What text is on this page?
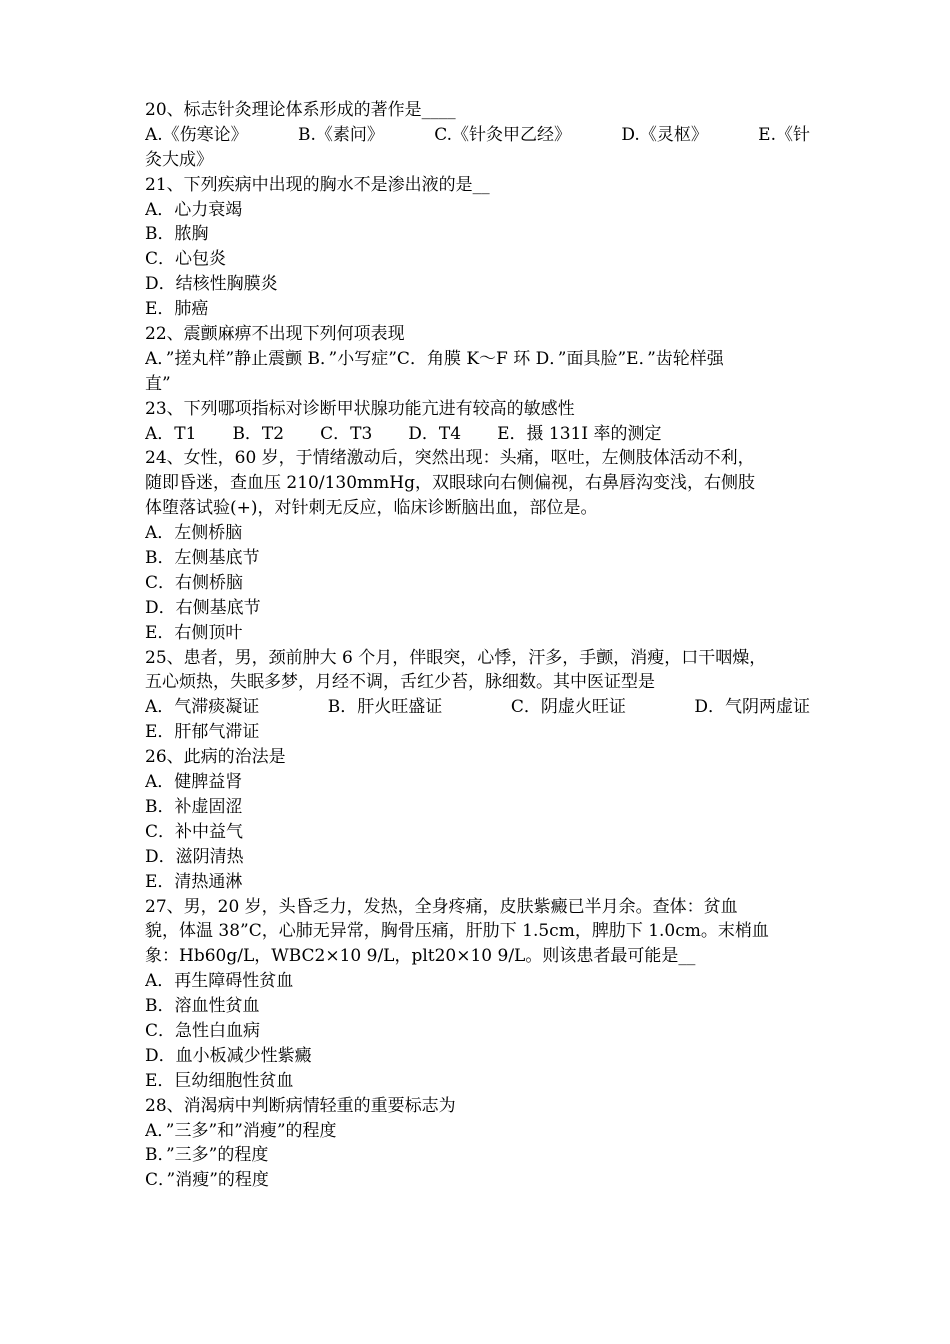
20、标志针灸理论体系形成的著作是____
A.《伤寒论》	B.《素问》	C.《针灸甲乙经》	D.《灵枢》	E.《针
灸大成》
21、下列疾病中出现的胸水不是渗出液的是__
A．心力衰竭
B．脓胸
C．心包炎
D．结核性胸膜炎
E．肺癌
22、震颤麻痹不出现下列何项表现
A．”搓丸样”静止震颤 B．”小写症”C．角膜 K～F 环 D．”面具脸”E．”齿轮样强
直”
23、下列哪项指标对诊断甲状腺功能亢进有较高的敏感性
A．T1 B．T2 C．T3 D．T4 E．摄 131I 率的测定
24、女性，60 岁，于情绪激动后，突然出现：头痛，呕吐，左侧肢体活动不利，
随即昏迷，查血压 210/130mmHg，双眼球向右侧偏视，右鼻唇沟变浅，右侧肢
体堕落试验(+)，对针刺无反应，临床诊断脑出血，部位是。
A．左侧桥脑
B．左侧基底节
C．右侧桥脑
D．右侧基底节
E．右侧顶叶
25、患者，男，颈前肿大 6 个月，伴眼突，心悸，汗多，手颤，消瘦，口干咽燥，
五心烦热，失眠多梦，月经不调，舌红少苔，脉细数。其中医证型是
A．气滞痰凝证	B．肝火旺盛证	C．阴虚火旺证	D．气阴两虚证
E．肝郁气滞证
26、此病的治法是
A．健脾益肾
B．补虚固涩
C．补中益气
D．滋阴清热
E．清热通淋
27、男，20 岁，头昏乏力，发热，全身疼痛，皮肤紫癜已半月余。查体：贫血
貌，体温 38”C，心肺无异常，胸骨压痛，肝肋下 1.5cm，脾肋下 1.0cm。末梢血
象：Hb60g/L，WBC2×10 9/L，plt20×10 9/L。则该患者最可能是__
A．再生障碍性贫血
B．溶血性贫血
C．急性白血病
D．血小板减少性紫癜
E．巨幼细胞性贫血
28、消渴病中判断病情轻重的重要标志为
A．”三多”和”消瘦”的程度
B．”三多”的程度
C．”消瘦”的程度
